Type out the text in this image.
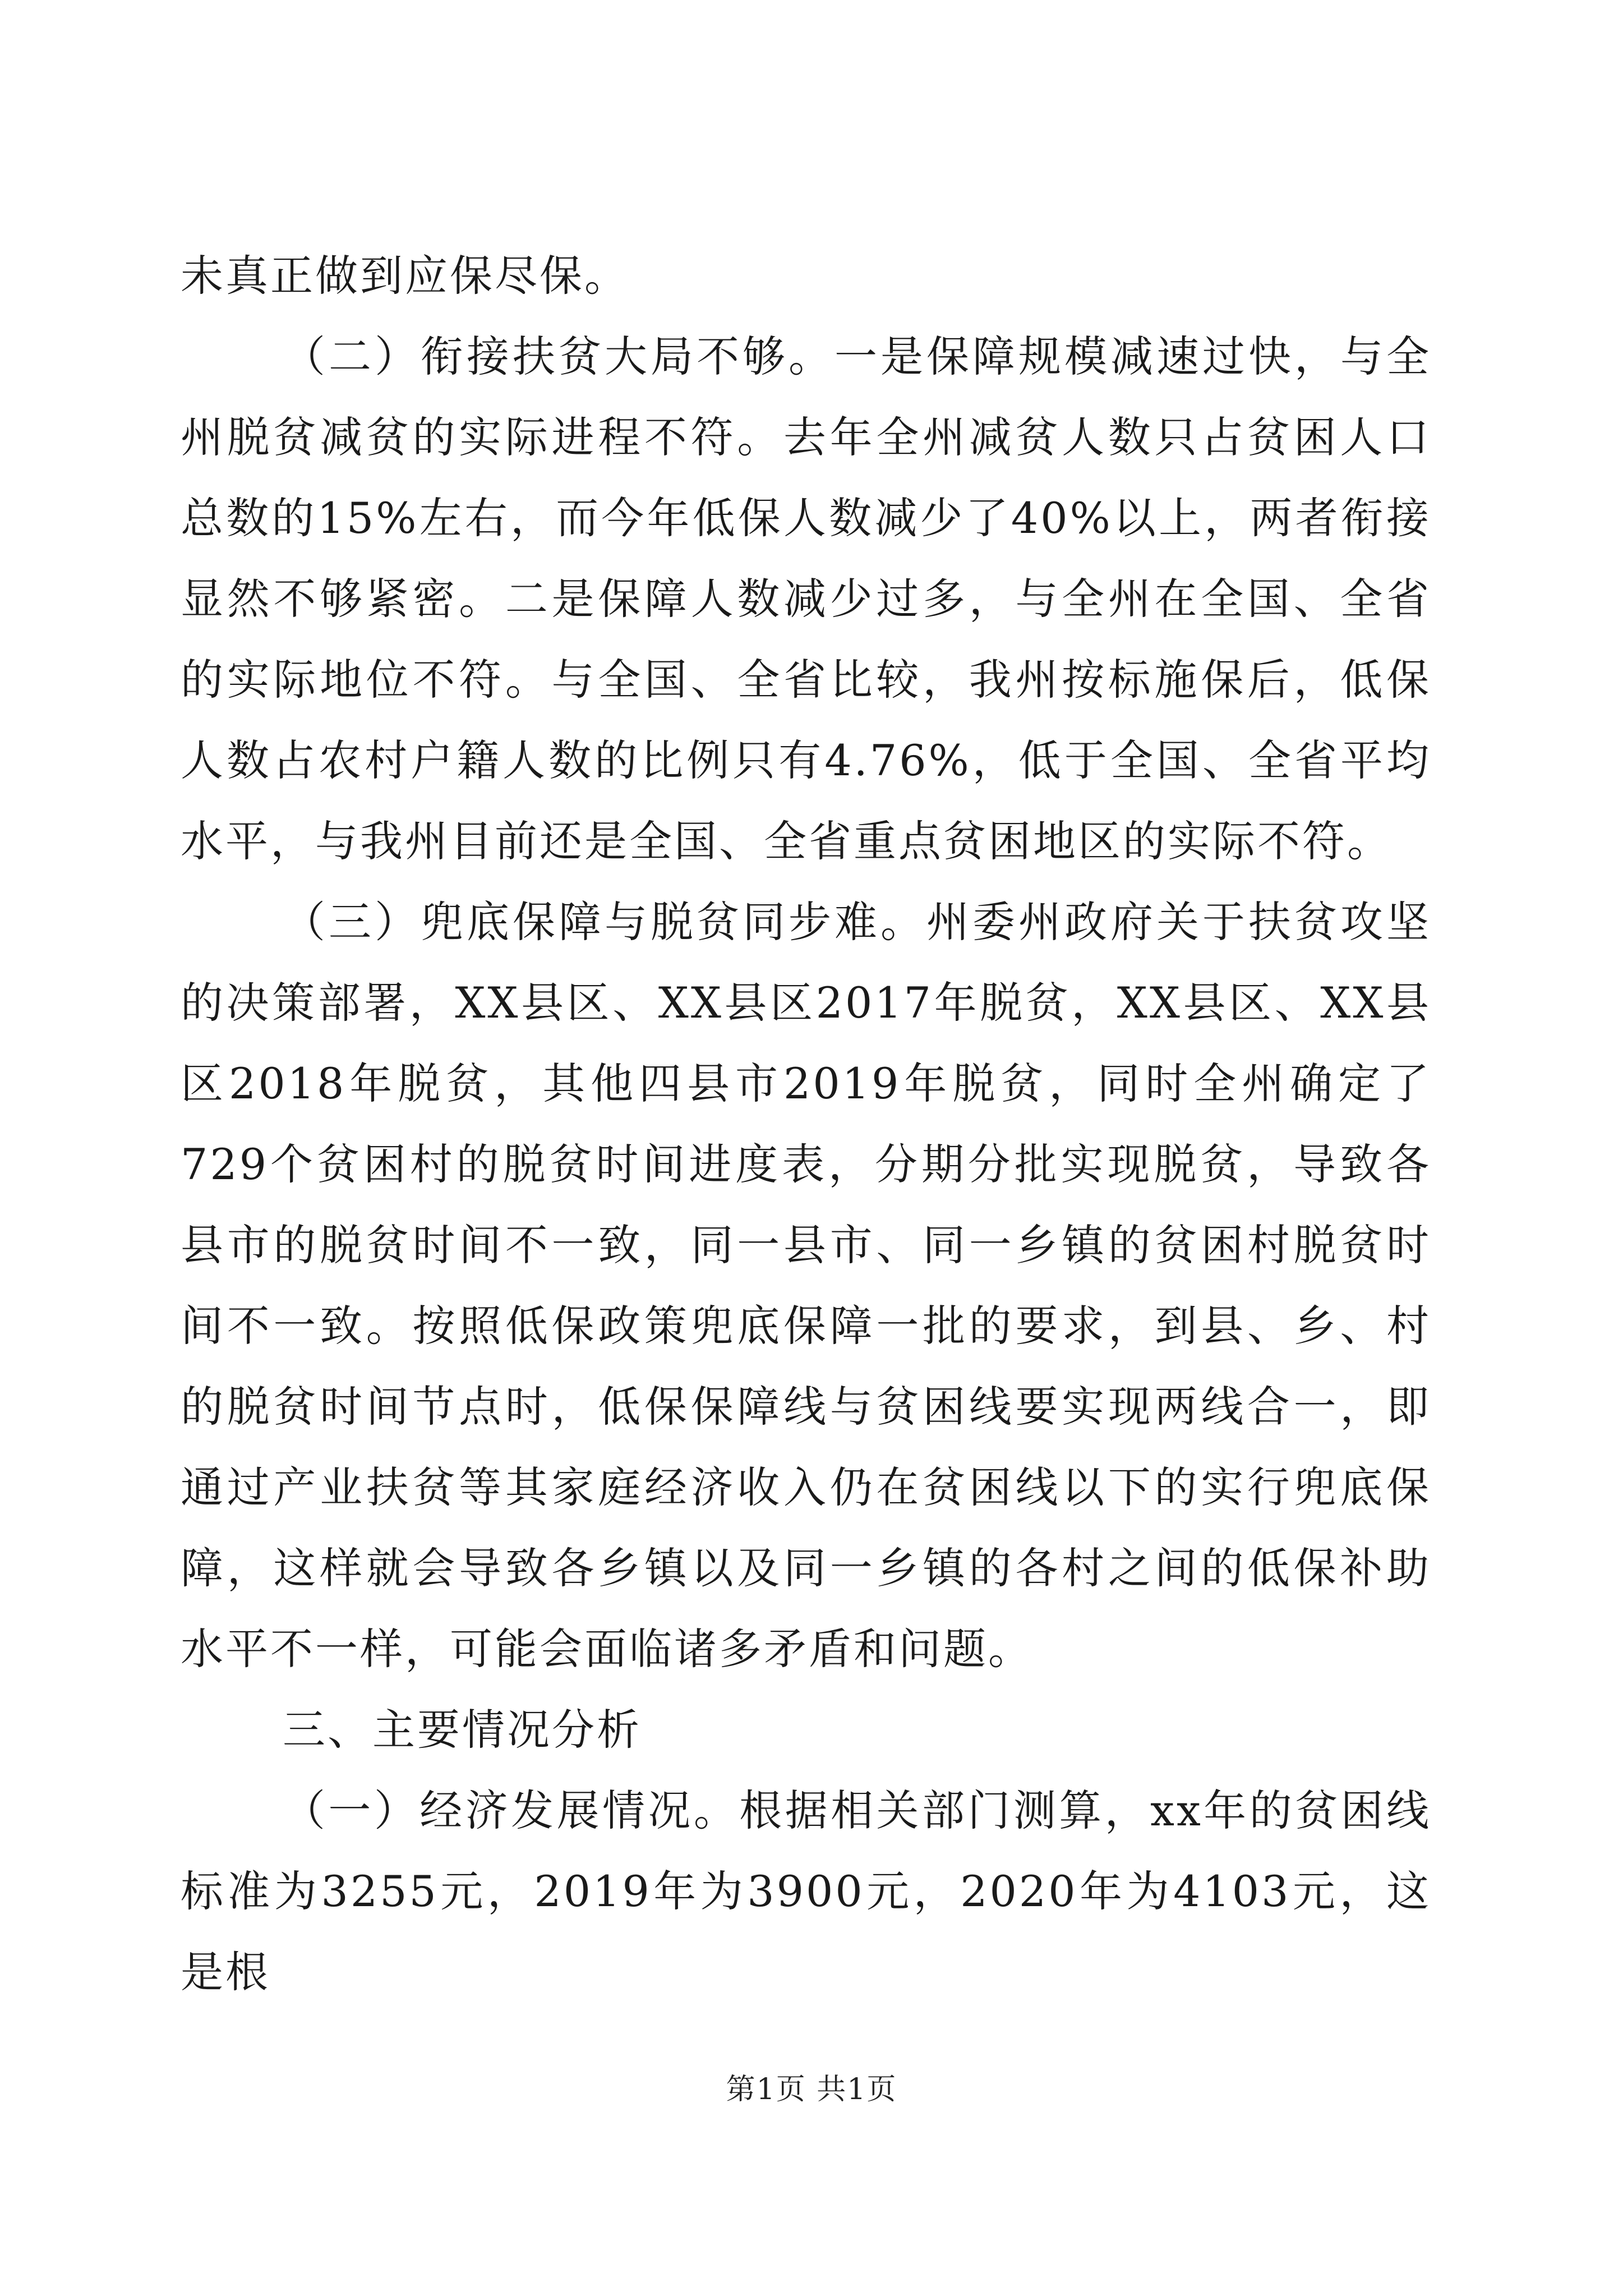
未真正做到应保尽保。

（二）衔接扶贫大局不够。一是保障规模减速过快，与全州脱贫减贫的实际进程不符。去年全州减贫人数只占贫困人口总数的15%左右，而今年低保人数减少了40%以上，两者衔接显然不够紧密。二是保障人数减少过多，与全州在全国、全省的实际地位不符。与全国、全省比较，我州按标施保后，低保人数占农村户籍人数的比例只有4.76%，低于全国、全省平均水平，与我州目前还是全国、全省重点贫困地区的实际不符。

（三）兜底保障与脱贫同步难。州委州政府关于扶贫攻坚的决策部署，XX县区、XX县区2017年脱贫，XX县区、XX县区2018年脱贫，其他四县市2019年脱贫，同时全州确定了729个贫困村的脱贫时间进度表，分期分批实现脱贫，导致各县市的脱贫时间不一致，同一县市、同一乡镇的贫困村脱贫时间不一致。按照低保政策兜底保障一批的要求，到县、乡、村的脱贫时间节点时，低保保障线与贫困线要实现两线合一，即通过产业扶贫等其家庭经济收入仍在贫困线以下的实行兜底保障，这样就会导致各乡镇以及同一乡镇的各村之间的低保补助水平不一样，可能会面临诸多矛盾和问题。

三、主要情况分析

（一）经济发展情况。根据相关部门测算，xx年的贫困线标准为3255元，2019年为3900元，2020年为4103元，这是根

第1页 共1页
